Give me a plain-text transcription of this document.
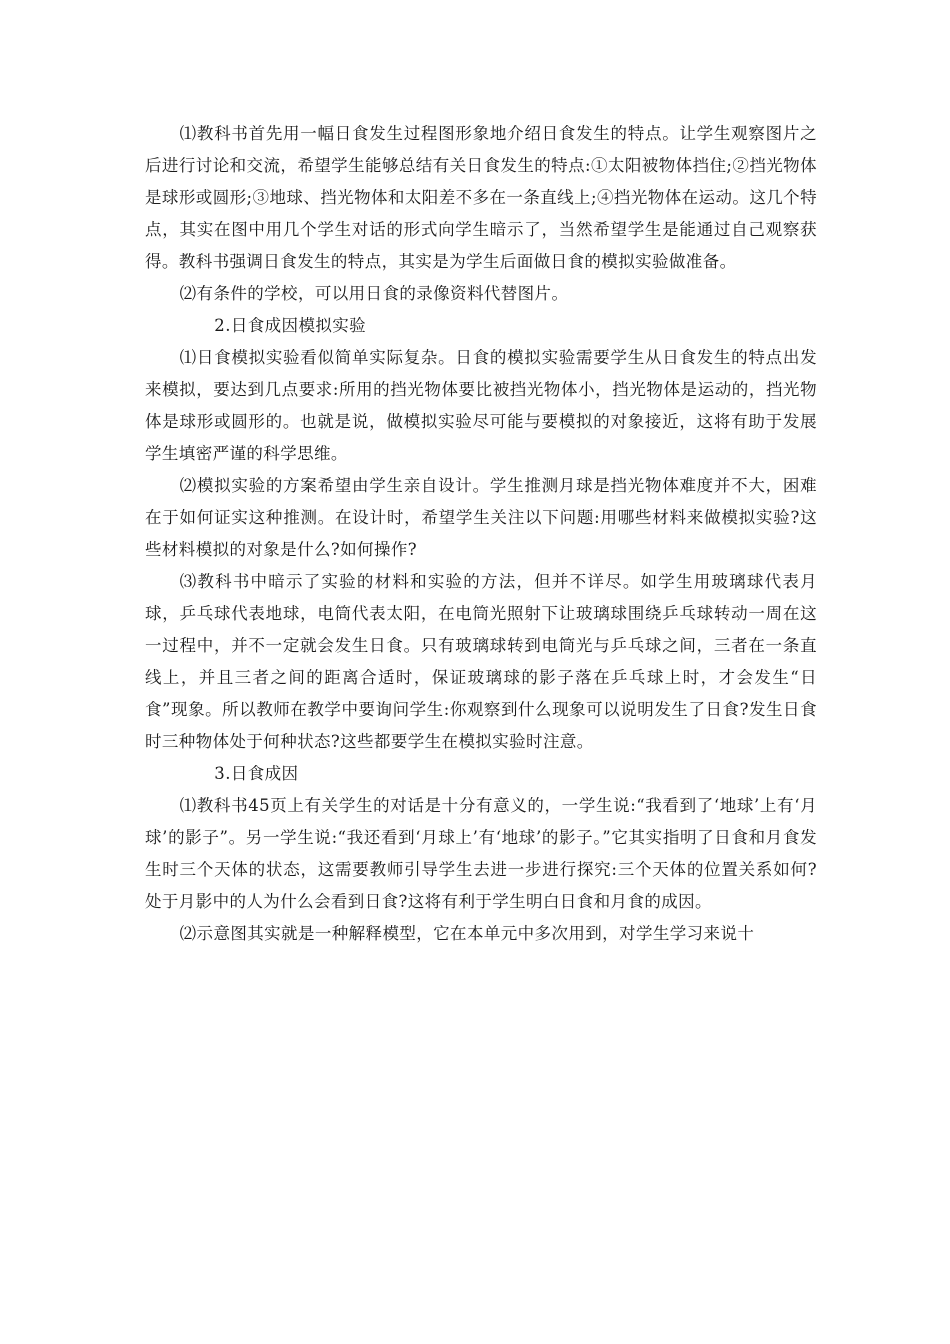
⑴教科书首先用一幅日食发生过程图形象地介绍日食发生的特点。让学生观察图片之后进行讨论和交流，希望学生能够总结有关日食发生的特点:①太阳被物体挡住;②挡光物体是球形或圆形;③地球、挡光物体和太阳差不多在一条直线上;④挡光物体在运动。这几个特点，其实在图中用几个学生对话的形式向学生暗示了，当然希望学生是能通过自己观察获得。教科书强调日食发生的特点，其实是为学生后面做日食的模拟实验做准备。

⑵有条件的学校，可以用日食的录像资料代替图片。

2.日食成因模拟实验

⑴日食模拟实验看似简单实际复杂。日食的模拟实验需要学生从日食发生的特点出发来模拟，要达到几点要求:所用的挡光物体要比被挡光物体小，挡光物体是运动的，挡光物体是球形或圆形的。也就是说，做模拟实验尽可能与要模拟的对象接近，这将有助于发展学生填密严谨的科学思维。

⑵模拟实验的方案希望由学生亲自设计。学生推测月球是挡光物体难度并不大，困难在于如何证实这种推测。在设计时，希望学生关注以下问题:用哪些材料来做模拟实验?这些材料模拟的对象是什么?如何操作?

⑶教科书中暗示了实验的材料和实验的方法，但并不详尽。如学生用玻璃球代表月球，乒乓球代表地球，电筒代表太阳，在电筒光照射下让玻璃球围绕乒乓球转动一周在这一过程中，并不一定就会发生日食。只有玻璃球转到电筒光与乒乓球之间，三者在一条直线上，并且三者之间的距离合适时，保证玻璃球的影子落在乒乓球上时，才会发生“日食”现象。所以教师在教学中要询问学生:你观察到什么现象可以说明发生了日食?发生日食时三种物体处于何种状态?这些都要学生在模拟实验时注意。

3.日食成因

⑴教科书45页上有关学生的对话是十分有意义的，一学生说:“我看到了‘地球’上有‘月球’的影子”。另一学生说:“我还看到‘月球上’有‘地球’的影子。”它其实指明了日食和月食发生时三个天体的状态，这需要教师引导学生去进一步进行探究:三个天体的位置关系如何?处于月影中的人为什么会看到日食?这将有利于学生明白日食和月食的成因。

⑵示意图其实就是一种解释模型，它在本单元中多次用到，对学生学习来说十
